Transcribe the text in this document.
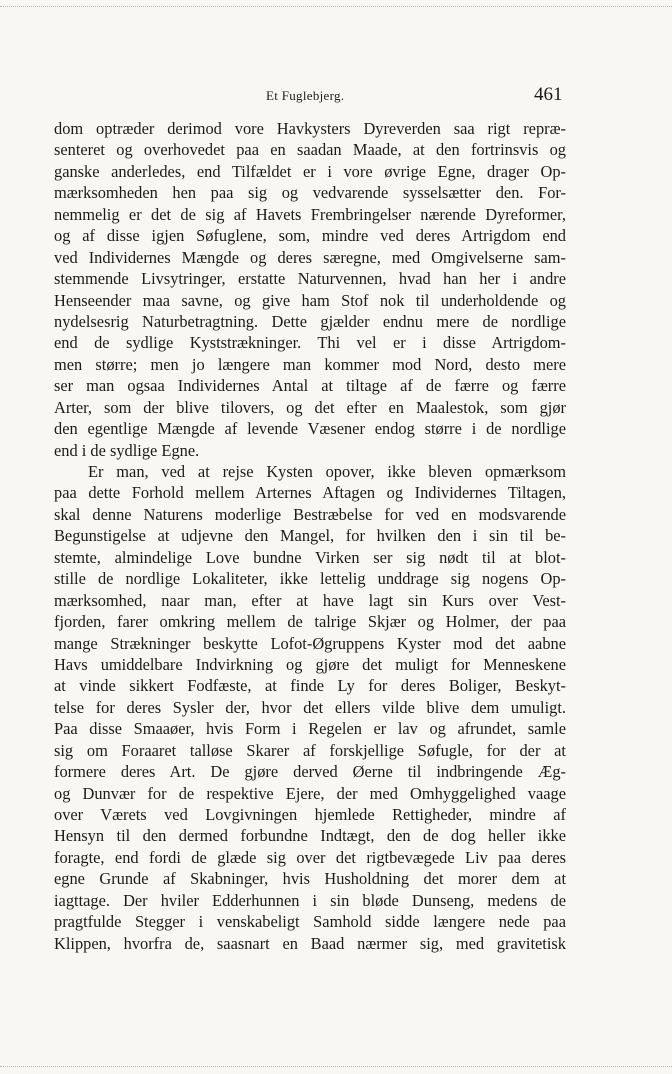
Et Fuglebjerg.	461
dom optræder derimod vore Havkysters Dyreverden saa rigt repræ-
senteret og overhovedet paa en saadan Maade, at den fortrinsvis og
ganske anderledes, end Tilfældet er i vore øvrige Egne, drager Op-
mærksomheden hen paa sig og vedvarende sysselsætter den. For-
nemmelig er det de sig af Havets Frembringelser nærende Dyreformer,
og af disse igjen Søfuglene, som, mindre ved deres Artrigdom end
ved Individernes Mængde og deres særegne, med Omgivelserne sam-
stemmende Livsytringer, erstatte Naturvennen, hvad han her i andre
Henseender maa savne, og give ham Stof nok til underholdende og
nydelsesrig Naturbetragtning. Dette gjælder endnu mere de nordlige
end de sydlige Kyststrækninger. Thi vel er i disse Artrigdom-
men større; men jo længere man kommer mod Nord, desto mere
ser man ogsaa Individernes Antal at tiltage af de færre og færre
Arter, som der blive tilovers, og det efter en Maalestok, som gjør
den egentlige Mængde af levende Væsener endog større i de nordlige
end i de sydlige Egne.
Er man, ved at rejse Kysten opover, ikke bleven opmærksom
paa dette Forhold mellem Arternes Aftagen og Individernes Tiltagen,
skal denne Naturens moderlige Bestræbelse for ved en modsvarende
Begunstigelse at udjevne den Mangel, for hvilken den i sin til be-
stemte, almindelige Love bundne Virken ser sig nødt til at blot-
stille de nordlige Lokaliteter, ikke lettelig unddrage sig nogens Op-
mærksomhed, naar man, efter at have lagt sin Kurs over Vest-
fjorden, farer omkring mellem de talrige Skjær og Holmer, der paa
mange Strækninger beskytte Lofot-Øgruppens Kyster mod det aabne
Havs umiddelbare Indvirkning og gjøre det muligt for Menneskene
at vinde sikkert Fodfæste, at finde Ly for deres Boliger, Beskyt-
telse for deres Sysler der, hvor det ellers vilde blive dem umuligt.
Paa disse Smaaøer, hvis Form i Regelen er lav og afrundet, samle
sig om Foraaret talløse Skarer af forskjellige Søfugle, for der at
formere deres Art. De gjøre derved Øerne til indbringende Æg-
og Dunvær for de respektive Ejere, der med Omhyggelighed vaage
over Værets ved Lovgivningen hjemlede Rettigheder, mindre af
Hensyn til den dermed forbundne Indtægt, den de dog heller ikke
foragte, end fordi de glæde sig over det rigtbevægede Liv paa deres
egne Grunde af Skabninger, hvis Husholdning det morer dem at
iagttage. Der hviler Edderhunnen i sin bløde Dunseng, medens de
pragtfulde Stegger i venskabeligt Samhold sidde længere nede paa
Klippen, hvorfra de, saasnart en Baad nærmer sig, med gravitetisk
